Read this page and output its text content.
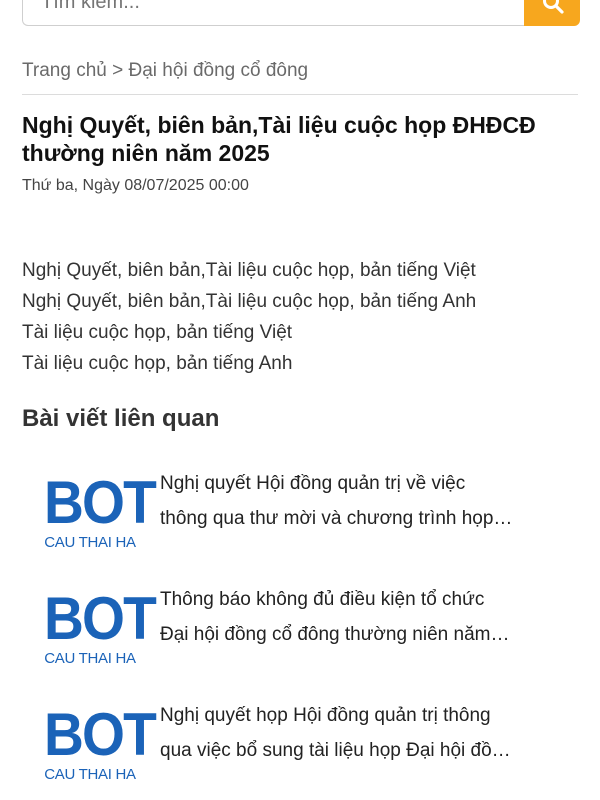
Tìm kiếm...
Trang chủ > Đại hội đồng cổ đông
Nghị Quyết, biên bản,Tài liệu cuộc họp ĐHĐCĐ thường niên năm 2025
Thứ ba, Ngày 08/07/2025 00:00
Nghị Quyết, biên bản,Tài liệu cuộc họp, bản tiếng Việt
Nghị Quyết, biên bản,Tài liệu cuộc họp, bản tiếng Anh
Tài liệu cuộc họp, bản tiếng Việt
Tài liệu cuộc họp, bản tiếng Anh
Bài viết liên quan
BOT
CAU THAI HA
Nghị quyết Hội đồng quản trị về việc
thông qua thư mời và chương trình họp…
BOT
CAU THAI HA
Thông báo không đủ điều kiện tổ chức
Đại hội đồng cổ đông thường niên năm…
BOT
CAU THAI HA
Nghị quyết họp Hội đồng quản trị thông
qua việc bổ sung tài liệu họp Đại hội đồ…
